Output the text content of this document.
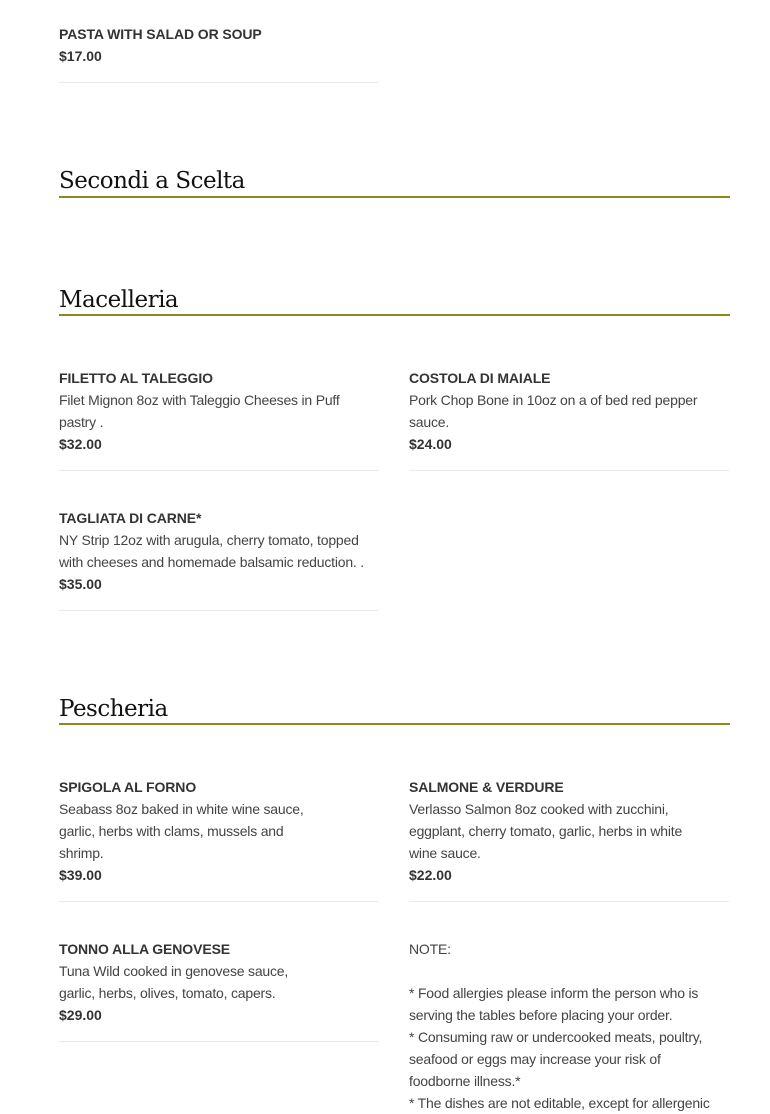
PASTA WITH SALAD OR SOUP
$17.00
Secondi a Scelta
Macelleria
FILETTO AL TALEGGIO
Filet Mignon 8oz with Taleggio Cheeses in Puff
pastry .
$32.00
COSTOLA DI MAIALE
Pork Chop Bone in 10oz on a of bed red pepper
sauce.
$24.00
TAGLIATA DI CARNE*
NY Strip 12oz with arugula, cherry tomato, topped
with cheeses and homemade balsamic reduction. .
$35.00
Pescheria
SPIGOLA AL FORNO
Seabass 8oz baked in white wine sauce,
garlic, herbs with clams, mussels and
shrimp.
$39.00
SALMONE & VERDURE
Verlasso Salmon 8oz cooked with zucchini,
eggplant, cherry tomato, garlic, herbs in white
wine sauce.
$22.00
TONNO ALLA GENOVESE
Tuna Wild cooked in genovese sauce,
garlic, herbs, olives, tomato, capers.
$29.00

NOTE:

* Food allergies please inform the person who is

serving the tables before placing your order.

* Consuming raw or undercooked meats, poultry,

seafood or eggs may increase your risk of

foodborne illness.*

* The dishes are not editable, except for allergenic
